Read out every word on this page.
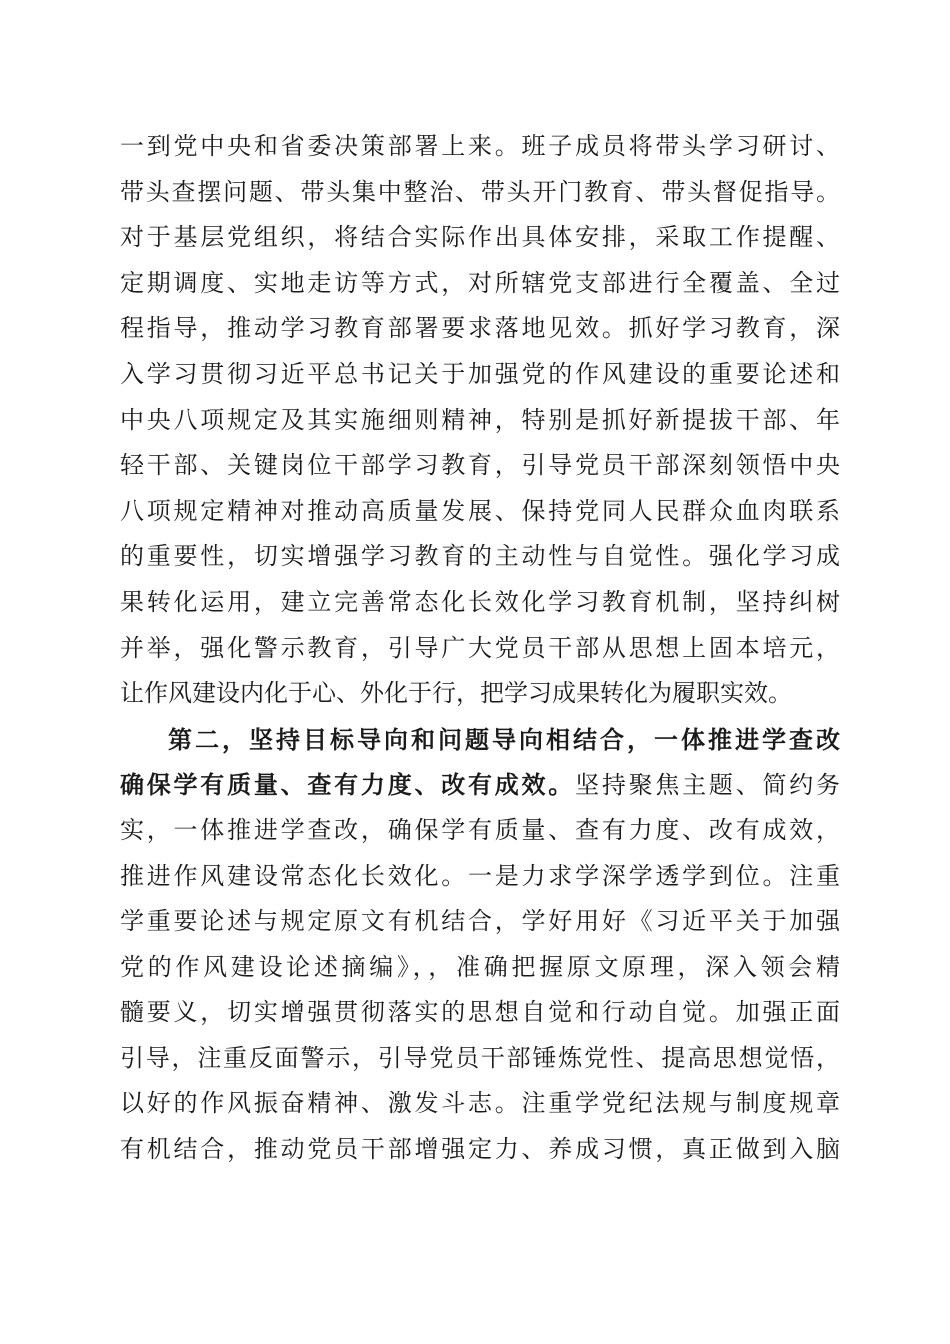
一到党中央和省委决策部署上来。班子成员将带头学习研讨、
带头查摆问题、带头集中整治、带头开门教育、带头督促指导。
对于基层党组织，将结合实际作出具体安排，采取工作提醒、
定期调度、实地走访等方式，对所辖党支部进行全覆盖、全过
程指导，推动学习教育部署要求落地见效。抓好学习教育，深
入学习贯彻习近平总书记关于加强党的作风建设的重要论述和
中央八项规定及其实施细则精神，特别是抓好新提拔干部、年
轻干部、关键岗位干部学习教育，引导党员干部深刻领悟中央
八项规定精神对推动高质量发展、保持党同人民群众血肉联系
的重要性，切实增强学习教育的主动性与自觉性。强化学习成
果转化运用，建立完善常态化长效化学习教育机制，坚持纠树
并举，强化警示教育，引导广大党员干部从思想上固本培元，
让作风建设内化于心、外化于行，把学习成果转化为履职实效。
第二，坚持目标导向和问题导向相结合，一体推进学查改
确保学有质量、查有力度、改有成效。坚持聚焦主题、简约务
实，一体推进学查改，确保学有质量、查有力度、改有成效，
推进作风建设常态化长效化。一是力求学深学透学到位。注重
学重要论述与规定原文有机结合，学好用好《习近平关于加强
党的作风建设论述摘编》，，准确把握原文原理，深入领会精
髓要义，切实增强贯彻落实的思想自觉和行动自觉。加强正面
引导，注重反面警示，引导党员干部锤炼党性、提高思想觉悟，
以好的作风振奋精神、激发斗志。注重学党纪法规与制度规章
有机结合，推动党员干部增强定力、养成习惯，真正做到入脑
